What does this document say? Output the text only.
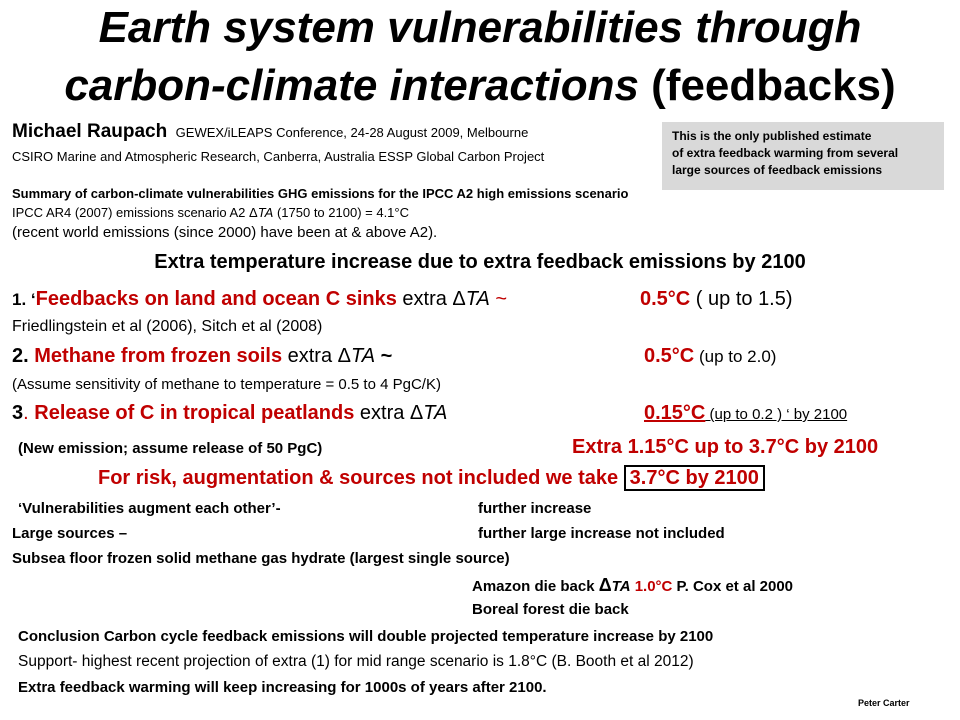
Earth system vulnerabilities through
carbon-climate interactions (feedbacks)
Michael Raupach GEWEX/iLEAPS Conference, 24-28 August 2009, Melbourne
CSIRO Marine and Atmospheric Research, Canberra, Australia ESSP Global Carbon Project
This is the only published estimate
of extra feedback warming from several
large sources of feedback emissions
Summary of carbon-climate vulnerabilities GHG emissions for the IPCC A2 high emissions scenario
IPCC AR4 (2007) emissions scenario A2 ΔTA (1750 to 2100) = 4.1°C
(recent world emissions (since 2000) have been at & above A2).
Extra temperature increase due to extra feedback emissions by 2100
1. ‘Feedbacks on land and ocean C sinks extra ΔTA ~	0.5°C ( up to 1.5)
Friedlingstein et al (2006), Sitch et al (2008)
2. Methane from frozen soils extra ΔTA ~	0.5°C (up to 2.0)
(Assume sensitivity of methane to temperature = 0.5 to 4 PgC/K)
3. Release of C in tropical peatlands extra ΔTA	0.15°C (up to 0.2 ) ‘ by 2100
(New emission; assume release of 50 PgC)	Extra 1.15°C up to 3.7°C by 2100
For risk, augmentation & sources not included we take 3.7°C by 2100
‘Vulnerabilities augment each other’-	further increase
Large sources –	further large increase not included
Subsea floor frozen solid methane gas hydrate (largest single source)
Amazon die back ΔTA 1.0°C P. Cox et al 2000
Boreal forest die back
Conclusion Carbon cycle feedback emissions will double projected temperature increase by 2100
Support- highest recent projection of extra (1) for mid range scenario is 1.8°C (B. Booth et al 2012)
Extra feedback warming will keep increasing for 1000s of years after 2100.
Peter Carter
